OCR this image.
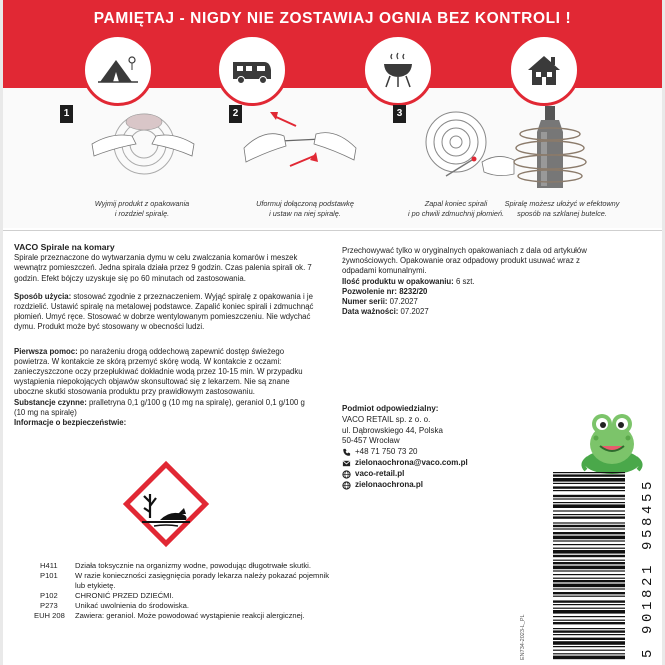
PAMIĘTAJ - NIGDY NIE ZOSTAWIAJ OGNIA BEZ KONTROLI !
1
Wyjmij produkt z opakowania
i rozdziel spiralę.
2
Uformuj dołączoną podstawkę
i ustaw na niej spiralę.
3
Zapal koniec spirali
i po chwili zdmuchnij płomień.
Spiralę możesz ułożyć w efektowny
sposób na szklanej butelce.
VACO Spirale na komary

Spirale przeznaczone do wytwarzania dymu w celu zwalczania komarów i meszek wewnątrz pomieszczeń. Jedna spirala działa przez 9 godzin. Czas palenia spirali ok. 7 godzin. Efekt bójczy uzyskuje się po 60 minutach od zastosowania.

Sposób użycia: stosować zgodnie z przeznaczeniem. Wyjąć spiralę z opakowania i je rozdzielić. Ustawić spiralę na metalowej podstawce. Zapalić koniec spirali i zdmuchnąć płomień. Umyć ręce. Stosować w dobrze wentylowanym pomieszczeniu. Nie wdychać dymu. Produkt może być stosowany w obecności ludzi.

Pierwsza pomoc: po narażeniu drogą oddechową zapewnić dostęp świeżego powietrza. W kontakcie ze skórą przemyć skórę wodą. W kontakcie z oczami: zanieczyszczone oczy przepłukiwać dokładnie wodą przez 10-15 min. W przypadku wystąpienia niepokojących objawów skonsultować się z lekarzem. Nie są znane uboczne skutki stosowania produktu przy prawidłowym zastosowaniu.

Substancje czynne: pralletryna 0,1 g/100 g (10 mg na spiralę), geraniol 0,1 g/100 g (10 mg na spiralę)

Informacje o bezpieczeństwie:
H411	Działa toksycznie na organizmy wodne, powodując długotrwałe skutki.
P101	W razie konieczności zasięgnięcia porady lekarza należy pokazać pojemnik lub etykietę.
P102	CHRONIĆ PRZED DZIEĆMI.
P273	Unikać uwolnienia do środowiska.
EUH 208	Zawiera: geraniol. Może powodować wystąpienie reakcji alergicznej.
Przechowywać tylko w oryginalnych opakowaniach z dala od artykułów żywnościowych. Opakowanie oraz odpadowy produkt usuwać wraz z odpadami komunalnymi.
Ilość produktu w opakowaniu: 6 szt.
Pozwolenie nr: 8232/20
Numer serii: 07.2027
Data ważności: 07.2027
Podmiot odpowiedzialny:
VACO RETAIL sp. z o. o.
ul. Dąbrowskiego 44, Polska
50-457 Wrocław
+48 71 750 73 20
zielonaochrona@vaco.com.pl
vaco-retail.pl
zielonaochrona.pl	5 901821 958455
EN734-2023-L_PL
